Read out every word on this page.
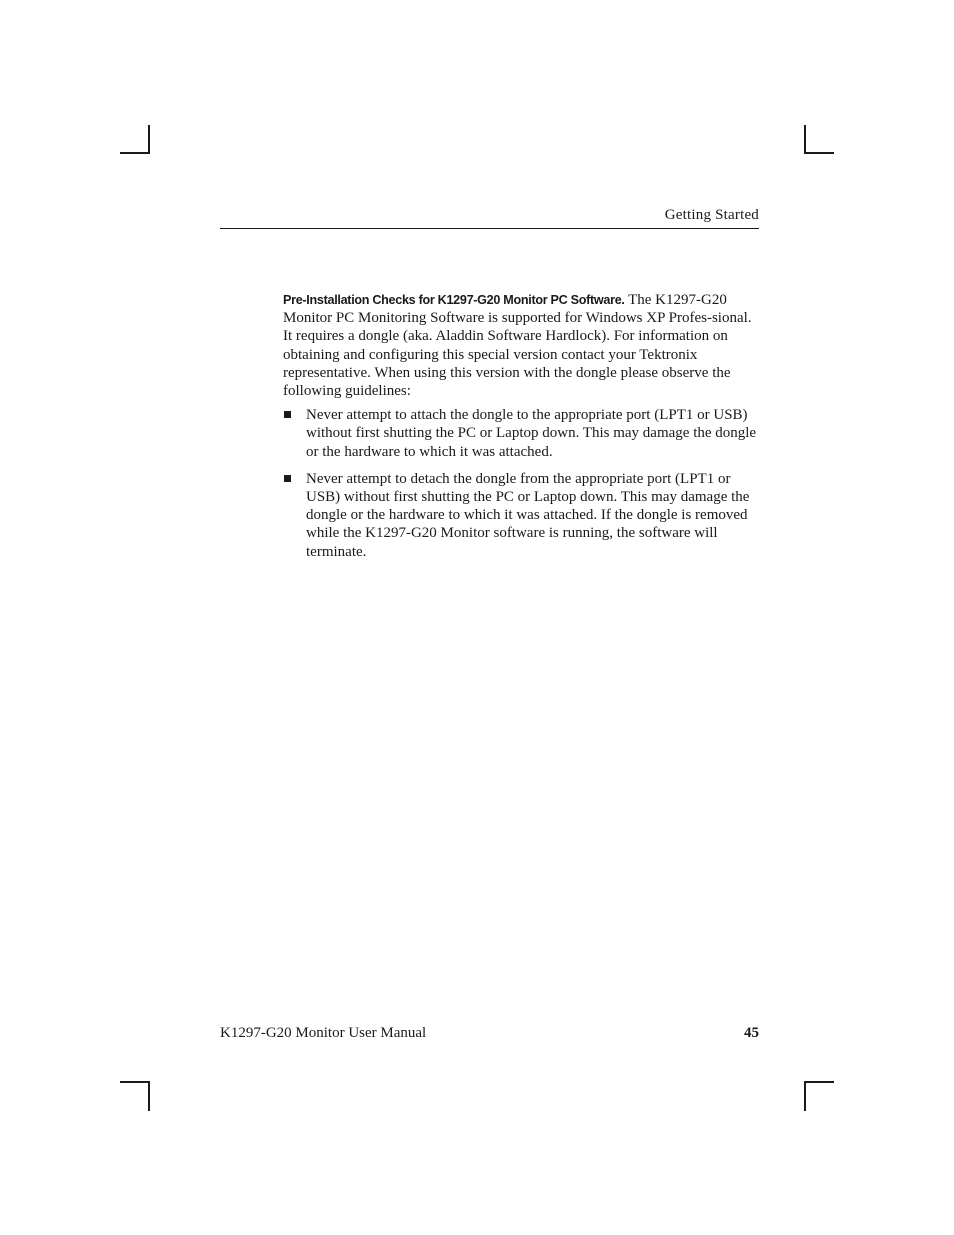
Getting Started

Pre-Installation Checks for K1297-G20 Monitor PC Software. The K1297-G20 Monitor PC Monitoring Software is supported for Windows XP Profes-sional. It requires a dongle (aka. Aladdin Software Hardlock). For information on obtaining and configuring this special version contact your Tektronix representative. When using this version with the dongle please observe the following guidelines:

Never attempt to attach the dongle to the appropriate port (LPT1 or USB) without first shutting the PC or Laptop down. This may damage the dongle or the hardware to which it was attached.
Never attempt to detach the dongle from the appropriate port (LPT1 or USB) without first shutting the PC or Laptop down. This may damage the dongle or the hardware to which it was attached. If the dongle is removed while the K1297-G20 Monitor software is running, the software will terminate.
K1297-G20 Monitor User Manual	45
